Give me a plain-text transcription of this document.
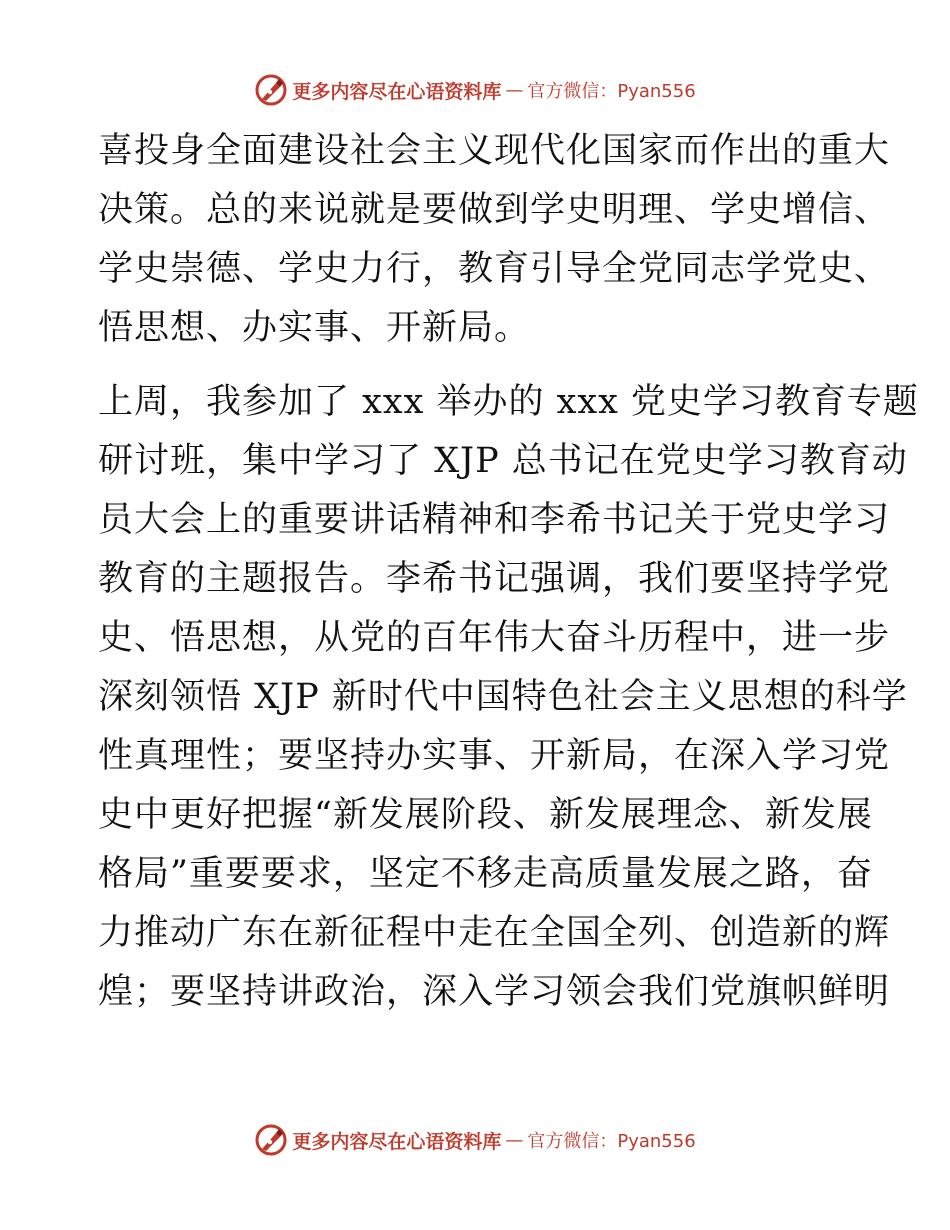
更多内容尽在心语资料库 — 官方微信：Pyan556
喜投身全面建设社会主义现代化国家而作出的重大
决策。总的来说就是要做到学史明理、学史增信、
学史崇德、学史力行，教育引导全党同志学党史、
悟思想、办实事、开新局。
上周，我参加了 xxx 举办的 xxx 党史学习教育专题
研讨班，集中学习了 XJP 总书记在党史学习教育动
员大会上的重要讲话精神和李希书记关于党史学习
教育的主题报告。李希书记强调，我们要坚持学党
史、悟思想，从党的百年伟大奋斗历程中，进一步
深刻领悟 XJP 新时代中国特色社会主义思想的科学
性真理性；要坚持办实事、开新局，在深入学习党
史中更好把握“新发展阶段、新发展理念、新发展
格局”重要要求，坚定不移走高质量发展之路，奋
力推动广东在新征程中走在全国全列、创造新的辉
煌；要坚持讲政治，深入学习领会我们党旗帜鲜明
更多内容尽在心语资料库 — 官方微信：Pyan556
